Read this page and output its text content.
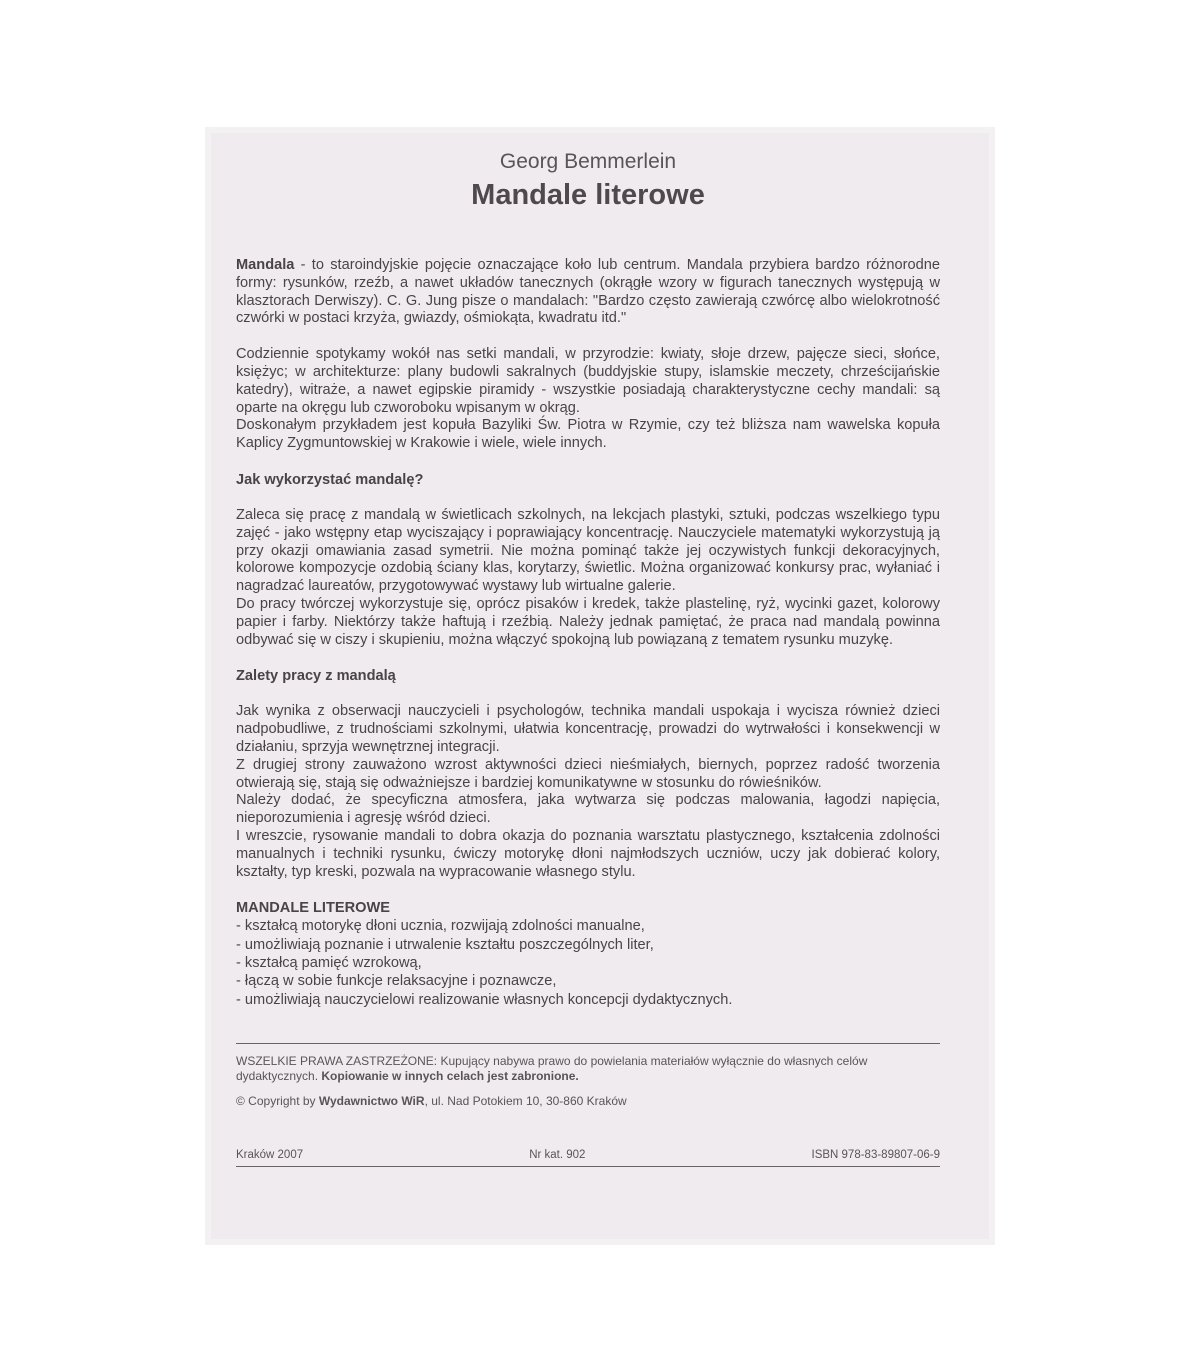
Georg Bemmerlein

Mandale literowe

Mandala - to staroindyjskie pojęcie oznaczające koło lub centrum. Mandala przybiera bardzo różnorodne formy: rysunków, rzeźb, a nawet układów tanecznych (okrągłe wzory w figurach tanecznych występują w klasztorach Derwiszy). C. G. Jung pisze o mandalach: "Bardzo często zawierają czwórcę albo wielokrotność czwórki w postaci krzyża, gwiazdy, ośmiokąta, kwadratu itd."

Codziennie spotykamy wokół nas setki mandali, w przyrodzie: kwiaty, słoje drzew, pajęcze sieci, słońce, księżyc; w architekturze: plany budowli sakralnych (buddyjskie stupy, islamskie meczety, chrześcijańskie katedry), witraże, a nawet egipskie piramidy - wszystkie posiadają charakterystyczne cechy mandali: są oparte na okręgu lub czworoboku wpisanym w okrąg.

Doskonałym przykładem jest kopuła Bazyliki Św. Piotra w Rzymie, czy też bliższa nam wawelska kopuła Kaplicy Zygmuntowskiej w Krakowie i wiele, wiele innych.

Jak wykorzystać mandalę?

Zaleca się pracę z mandalą w świetlicach szkolnych, na lekcjach plastyki, sztuki, podczas wszelkiego typu zajęć - jako wstępny etap wyciszający i poprawiający koncentrację. Nauczyciele matematyki wykorzystują ją przy okazji omawiania zasad symetrii. Nie można pominąć także jej oczywistych funkcji dekoracyjnych, kolorowe kompozycje ozdobią ściany klas, korytarzy, świetlic. Można organizować konkursy prac, wyłaniać i nagradzać laureatów, przygotowywać wystawy lub wirtualne galerie.

Do pracy twórczej wykorzystuje się, oprócz pisaków i kredek, także plastelinę, ryż, wycinki gazet, kolorowy papier i farby. Niektórzy także haftują i rzeźbią. Należy jednak pamiętać, że praca nad mandalą powinna odbywać się w ciszy i skupieniu, można włączyć spokojną lub powiązaną z tematem rysunku muzykę.

Zalety pracy z mandalą

Jak wynika z obserwacji nauczycieli i psychologów, technika mandali uspokaja i wycisza również dzieci nadpobudliwe, z trudnościami szkolnymi, ułatwia koncentrację, prowadzi do wytrwałości i konsekwencji w działaniu, sprzyja wewnętrznej integracji.

Z drugiej strony zauważono wzrost aktywności dzieci nieśmiałych, biernych, poprzez radość tworzenia otwierają się, stają się odważniejsze i bardziej komunikatywne w stosunku do rówieśników.

Należy dodać, że specyficzna atmosfera, jaka wytwarza się podczas malowania, łagodzi napięcia, nieporozumienia i agresję wśród dzieci.

I wreszcie, rysowanie mandali to dobra okazja do poznania warsztatu plastycznego, kształcenia zdolności manualnych i techniki rysunku, ćwiczy motorykę dłoni najmłodszych uczniów, uczy jak dobierać kolory, kształty, typ kreski, pozwala na wypracowanie własnego stylu.

MANDALE LITEROWE

- kształcą motorykę dłoni ucznia, rozwijają zdolności manualne,
- umożliwiają poznanie i utrwalenie kształtu poszczególnych liter,
- kształcą pamięć wzrokową,
- łączą w sobie funkcje relaksacyjne i poznawcze,
- umożliwiają nauczycielowi realizowanie własnych koncepcji dydaktycznych.

WSZELKIE PRAWA ZASTRZEŻONE: Kupujący nabywa prawo do powielania materiałów wyłącznie do własnych celów dydaktycznych. Kopiowanie w innych celach jest zabronione.

© Copyright by Wydawnictwo WiR, ul. Nad Potokiem 10, 30-860 Kraków

Kraków 2007	Nr kat. 902	ISBN 978-83-89807-06-9
